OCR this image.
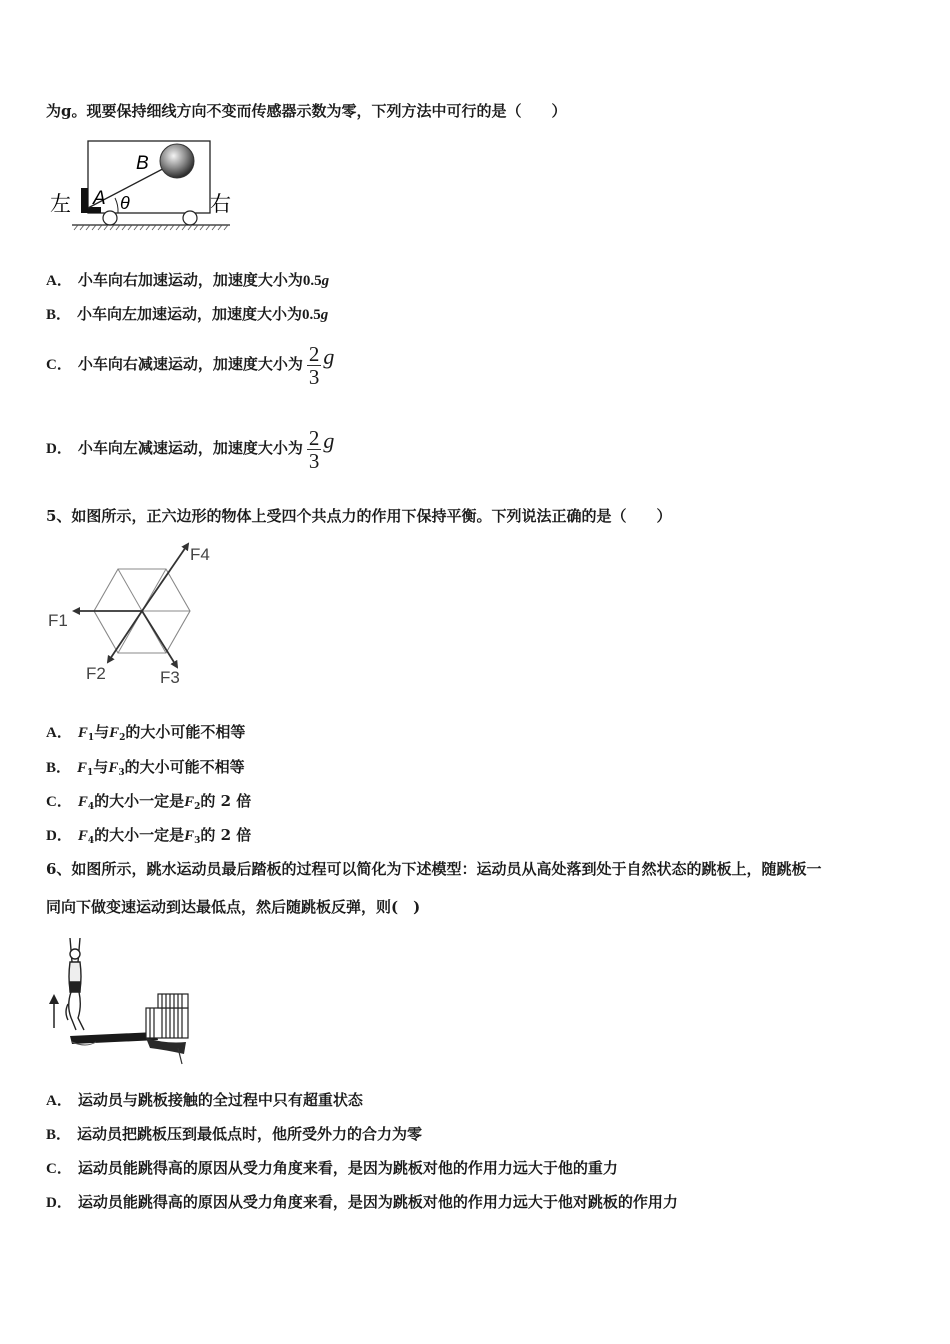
为g。现要保持细线方向不变而传感器示数为零，下列方法中可行的是（　　）
左	右
A
B
θ
A． 小车向右加速运动，加速度大小为0.5g
B． 小车向左加速运动，加速度大小为0.5g
C． 小车向右减速运动，加速度大小为 $\frac{2}{3}$ g
D． 小车向左减速运动，加速度大小为 $\frac{2}{3}$ g
5、如图所示，正六边形的物体上受四个共点力的作用下保持平衡。下列说法正确的是（　　）
F1
F2	F3
F4
A． $F_1$与$F_2$的大小可能不相等
B． $F_1$与$F_3$的大小可能不相等
C． $F_4$的大小一定是$F_2$的 2 倍
D． $F_4$的大小一定是$F_3$的 2 倍
6、如图所示，跳水运动员最后踏板的过程可以简化为下述模型：运动员从高处落到处于自然状态的跳板上，随跳板一
同向下做变速运动到达最低点，然后随跳板反弹，则(　)
A． 运动员与跳板接触的全过程中只有超重状态
B． 运动员把跳板压到最低点时，他所受外力的合力为零
C． 运动员能跳得高的原因从受力角度来看，是因为跳板对他的作用力远大于他的重力
D． 运动员能跳得高的原因从受力角度来看，是因为跳板对他的作用力远大于他对跳板的作用力
